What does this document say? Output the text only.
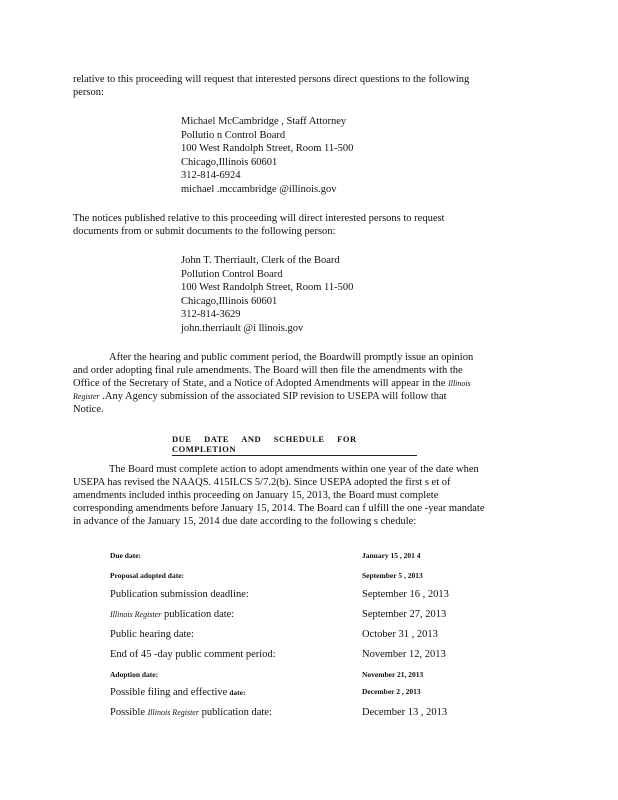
relative to this proceeding will request that interested persons direct questions to the following
person:

Michael McCambridge , Staff Attorney
Pollutio n Control Board
100 West Randolph Street, Room 11-500
Chicago,Illinois 60601
312-814-6924
michael .mccambridge @illinois.gov

The notices published relative to this proceeding will direct interested persons to request
documents from or submit documents to the following person:

John T. Therriault, Clerk of the Board
Pollution Control Board
100 West Randolph Street, Room 11-500
Chicago,Illinois 60601
312-814-3629
john.therriault @i llinois.gov

After the hearing and public comment period, the Boardwill promptly issue an opinion
and order adopting final rule amendments. The Board will then file the amendments with the
Office of the Secretary of State, and a Notice of Adopted Amendments will appear in the Illinois
Register .Any Agency submission of the associated SIP revision to USEPA will follow that
Notice.

DUE DATE AND SCHEDULE FOR COMPLETION

The Board must complete action to adopt amendments within one year of the date when
USEPA has revised the NAAQS. 415ILCS 5/7.2(b). Since USEPA adopted the first s et of
amendments included inthis proceeding on January 15, 2013, the Board must complete
corresponding amendments before January 15, 2014. The Board can f ulfill the one -year mandate
in advance of the January 15, 2014 due date according to the following s chedule:

Due date:	January 15 , 201 4
Proposal adopted date:	September 5 , 2013
Publication submission deadline:	September 16 , 2013
Illinois Register publication date:	September 27, 2013
Public hearing date:	October 31 , 2013
End of 45 -day public comment period:	November 12, 2013
Adoption date:	November 21, 2013
Possible filing and effective date:	December 2 , 2013
Possible Illinois Register publication date:	December 13 , 2013
